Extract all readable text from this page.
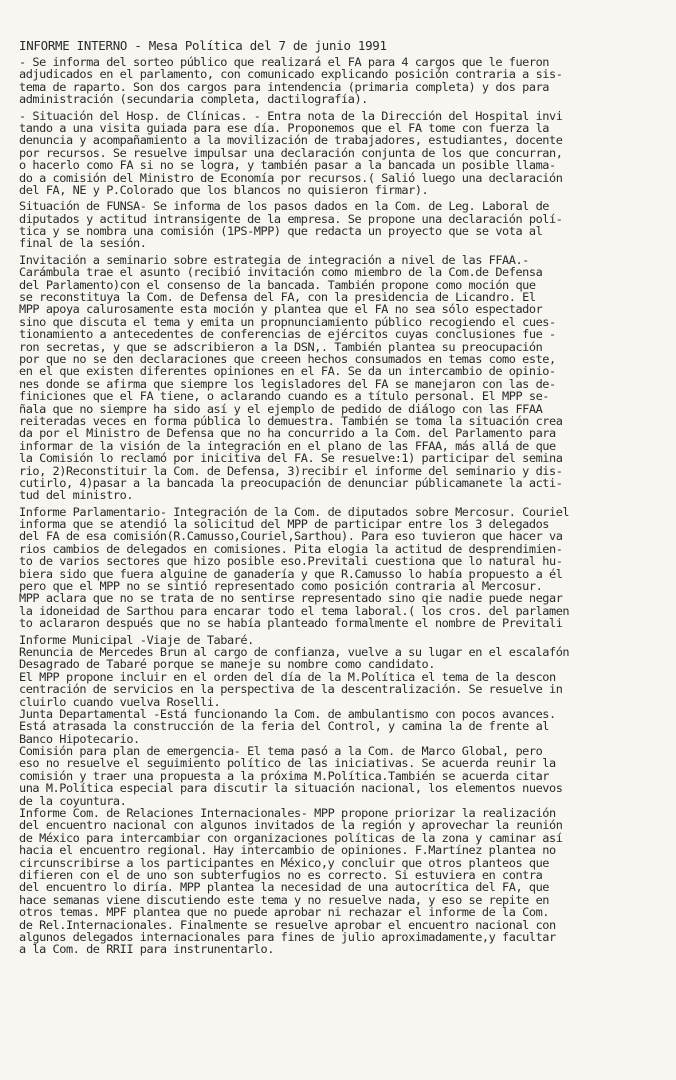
INFORME INTERNO - Mesa Política del 7 de junio 1991
- Se informa del sorteo público que realizará el FA para 4 cargos que le fueron
adjudicados en el parlamento, con comunicado explicando posición contraria a sis-
tema de raparto. Son dos cargos para intendencia (primaria completa) y dos para
administración (secundaria completa, dactilografía).
- Situación del Hosp. de Clínicas. - Entra nota de la Dirección del Hospital invi
tando a una visita guiada para ese día. Proponemos que el FA tome con fuerza la
denuncia y acompañamiento a la movilización de trabajadores, estudiantes, docente
por recursos. Se resuelve impulsar una declaración conjunta de los que concurran,
o hacerlo como FA si no se logra, y también pasar a la bancada un posible llama-
do a comisión del Ministro de Economía por recursos.( Salió luego una declaración
del FA, NE y P.Colorado que los blancos no quisieron firmar).
Situación de FUNSA- Se informa de los pasos dados en la Com. de Leg. Laboral de
diputados y actitud intransigente de la empresa. Se propone una declaración polí-
tica y se nombra una comisión (1PS-MPP) que redacta un proyecto que se vota al
final de la sesión.
Invitación a seminario sobre estrategia de integración a nivel de las FFAA.-
Carámbula trae el asunto (recibió invitación como miembro de la Com.de Defensa
del Parlamento)con el consenso de la bancada. También propone como moción que
se reconstituya la Com. de Defensa del FA, con la presidencia de Licandro. El
MPP apoya calurosamente esta moción y plantea que el FA no sea sólo espectador
sino que discuta el tema y emita un propnunciamiento público recogiendo el cues-
tionamiento a antecedentes de conferencias de ejércitos cuyas conclusiones fue -
ron secretas, y que se adscribieron a la DSN,. También plantea su preocupación
por que no se den declaraciones que creeen hechos consumados en temas como este,
en el que existen diferentes opiniones en el FA. Se da un intercambio de opinio-
nes donde se afirma que siempre los legisladores del FA se manejaron con las de-
finiciones que el FA tiene, o aclarando cuando es a título personal. El MPP se-
ñala que no siempre ha sido así y el ejemplo de pedido de diálogo con las FFAA
reiteradas veces en forma pública lo demuestra. También se toma la situación crea
da por el Ministro de Defensa que no ha concurrido a la Com. del Parlamento para
informar de la visión de la integración en el plano de las FFAA, más allá de que
la Comisión lo reclamó por inicitiva del FA. Se resuelve:1) participar del semina
rio, 2)Reconstituir la Com. de Defensa, 3)recibir el informe del seminario y dis-
cutirlo, 4)pasar a la bancada la preocupación de denunciar públicamanete la acti-
tud del ministro.
Informe Parlamentario- Integración de la Com. de diputados sobre Mercosur. Couriel
informa que se atendió la solicitud del MPP de participar entre los 3 delegados
del FA de esa comisión(R.Camusso,Couriel,Sarthou). Para eso tuvieron que hacer va
rios cambios de delegados en comisiones. Pita elogia la actitud de desprendimien-
to de varios sectores que hizo posible eso.Previtali cuestiona que lo natural hu-
biera sido que fuera alguine de ganadería y que R.Camusso lo había propuesto a él
pero que el MPP no se sintió representado como posición contraria al Mercosur.
MPP aclara que no se trata de no sentirse representado sino qie nadie puede negar
la idoneidad de Sarthou para encarar todo el tema laboral.( los cros. del parlamen
to aclararon después que no se había planteado formalmente el nombre de Previtali
Informe Municipal -Viaje de Tabaré.
Renuncia de Mercedes Brun al cargo de confianza, vuelve a su lugar en el escalafón
Desagrado de Tabaré porque se maneje su nombre como candidato.
El MPP propone incluir en el orden del día de la M.Política el tema de la descon
centración de servicios en la perspectiva de la descentralización. Se resuelve in
cluirlo cuando vuelva Roselli.
Junta Departamental -Está funcionando la Com. de ambulantismo con pocos avances.
Está atrasada la construcción de la feria del Control, y camina la de frente al
Banco Hipotecario.
Comisión para plan de emergencia- El tema pasó a la Com. de Marco Global, pero
eso no resuelve el seguimiento político de las iniciativas. Se acuerda reunir la
comisión y traer una propuesta a la próxima M.Política.También se acuerda citar
una M.Política especial para discutir la situación nacional, los elementos nuevos
de la coyuntura.
Informe Com. de Relaciones Internacionales- MPP propone priorizar la realización
del encuentro nacional con algunos invitados de la región y aprovechar la reunión
de México para intercambiar con organizaciones políticas de la zona y caminar así
hacia el encuentro regional. Hay intercambio de opiniones. F.Martínez plantea no
circunscribirse a los participantes en México,y concluir que otros planteos que
difieren con el de uno son subterfugios no es correcto. Si estuviera en contra
del encuentro lo diría. MPP plantea la necesidad de una autocrítica del FA, que
hace semanas viene discutiendo este tema y no resuelve nada, y eso se repite en
otros temas. MPF plantea que no puede aprobar ni rechazar el informe de la Com.
de Rel.Internacionales. Finalmente se resuelve aprobar el encuentro nacional con
algunos delegados internacionales para fines de julio aproximadamente,y facultar
a la Com. de RRII para instrunentarlo.
